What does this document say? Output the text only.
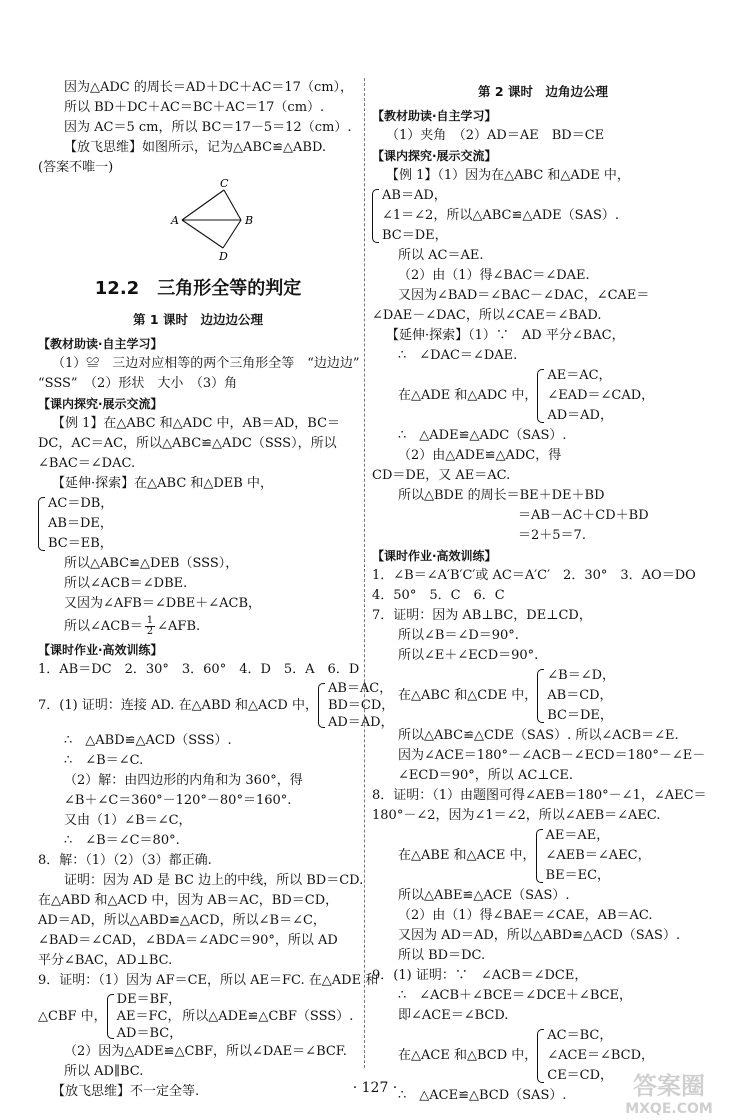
因为△ADC 的周长＝AD＋DC＋AC＝17（cm），
所以 BD＋DC＋AC＝BC＋AC＝17（cm）.
因为 AC＝5 cm，所以 BC＝17－5＝12（cm）.
【放飞思维】如图所示，记为△ABC≌△ABD.
(答案不唯一)
C
A	B
D
12.2　三角形全等的判定
第 1 课时　边边边公理
【教材助读·自主学习】
（1）≌　三边对应相等的两个三角形全等　“边边边”
“SSS”　（2）形状　大小　（3）角
【课内探究·展示交流】
【例 1】在△ABC 和△ADC 中，AB＝AD，BC＝
DC，AC＝AC，所以△ABC≌△ADC（SSS），所以
∠BAC＝∠DAC.
【延伸·探索】在△ABC 和△DEB 中，
AC＝DB，
AB＝DE，
BC＝EB，
所以△ABC≌△DEB（SSS），
所以∠ACB＝∠DBE.
又因为∠AFB＝∠DBE＋∠ACB，
所以∠ACB＝ $\frac{1}{2}$ ∠AFB.
【课时作业·高效训练】
1．AB＝DC　2．30°　3．60°　4．D　5．A　6．D
7．(1) 证明：连接 AD. 在△ABD 和△ACD 中，
AB＝AC，
BD＝CD，
AD＝AD，
∴　△ABD≌△ACD（SSS）.
∴　∠B＝∠C.
（2）解：由四边形的内角和为 360°，得
∠B＋∠C＝360°－120°－80°＝160°.
又由（1）∠B＝∠C，
∴　∠B＝∠C＝80°.
8．解：（1）（2）（3）都正确.
证明：因为 AD 是 BC 边上的中线，所以 BD＝CD.
在△ABD 和△ACD 中，因为 AB＝AC，BD＝CD，
AD＝AD，所以△ABD≌△ACD，所以∠B＝∠C，
∠BAD＝∠CAD，∠BDA＝∠ADC＝90°，所以 AD
平分∠BAC，AD⊥BC.
9．证明：（1）因为 AF＝CE，所以 AE＝FC. 在△ADE 和
△CBF 中，
DE＝BF，
AE＝FC，
AD＝BC，
所以△ADE≌△CBF（SSS）.
（2）因为△ADE≌△CBF，所以∠DAE＝∠BCF.
所以 AD∥BC.
【放飞思维】不一定全等.
第 2 课时　边角边公理
【教材助读·自主学习】
（1）夹角　（2）AD＝AE　BD＝CE
【课内探究·展示交流】
【例 1】（1）因为在△ABC 和△ADE 中，
AB＝AD，
∠1＝∠2，所以△ABC≌△ADE（SAS）.
BC＝DE，
所以 AC＝AE.
（2）由（1）得∠BAC＝∠DAE.
又因为∠BAD＝∠BAC－∠DAC，∠CAE＝
∠DAE－∠DAC，所以∠CAE＝∠BAD.
【延伸·探索】（1）∵　AD 平分∠BAC，
∴　∠DAC＝∠DAE.
在△ADE 和△ADC 中，
AE＝AC，
∠EAD＝∠CAD，
AD＝AD，
∴　△ADE≌△ADC（SAS）.
（2）由△ADE≌△ADC，得
CD＝DE，又 AE＝AC.
所以△BDE 的周长＝BE＋DE＋BD
＝AB－AC＋CD＋BD
＝2＋5＝7.
【课时作业·高效训练】
1．∠B＝∠A′B′C′或 AC＝A′C′　2．30°　3．AO＝DO
4．50°　5．C　6．C
7．证明：因为 AB⊥BC，DE⊥CD，
所以∠B＝∠D＝90°.
所以∠E＋∠ECD＝90°.
在△ABC 和△CDE 中，
∠B＝∠D，
AB＝CD，
BC＝DE，
所以△ABC≌△CDE（SAS）. 所以∠ACB＝∠E.
因为∠ACE＝180°－∠ACB－∠ECD＝180°－∠E－
∠ECD＝90°，所以 AC⊥CE.
8．证明：（1）由题图可得∠AEB＝180°－∠1，∠AEC＝
180°－∠2，因为∠1＝∠2，所以∠AEB＝∠AEC.
在△ABE 和△ACE 中，
AE＝AE，
∠AEB＝∠AEC，
BE＝EC，
所以△ABE≌△ACE（SAS）.
（2）由（1）得∠BAE＝∠CAE，AB＝AC.
又因为 AD＝AD，所以△ABD≌△ACD（SAS）.
所以 BD＝DC.
9．(1) 证明：∵　∠ACB＝∠DCE，
∴　∠ACB＋∠BCE＝∠DCE＋∠BCE，
即∠ACE＝∠BCD.
在△ACE 和△BCD 中，
AC＝BC，
∠ACE＝∠BCD，
CE＝CD，
∴　△ACE≌△BCD（SAS）.
· 127 ·	答案圈
MXQE.COM
